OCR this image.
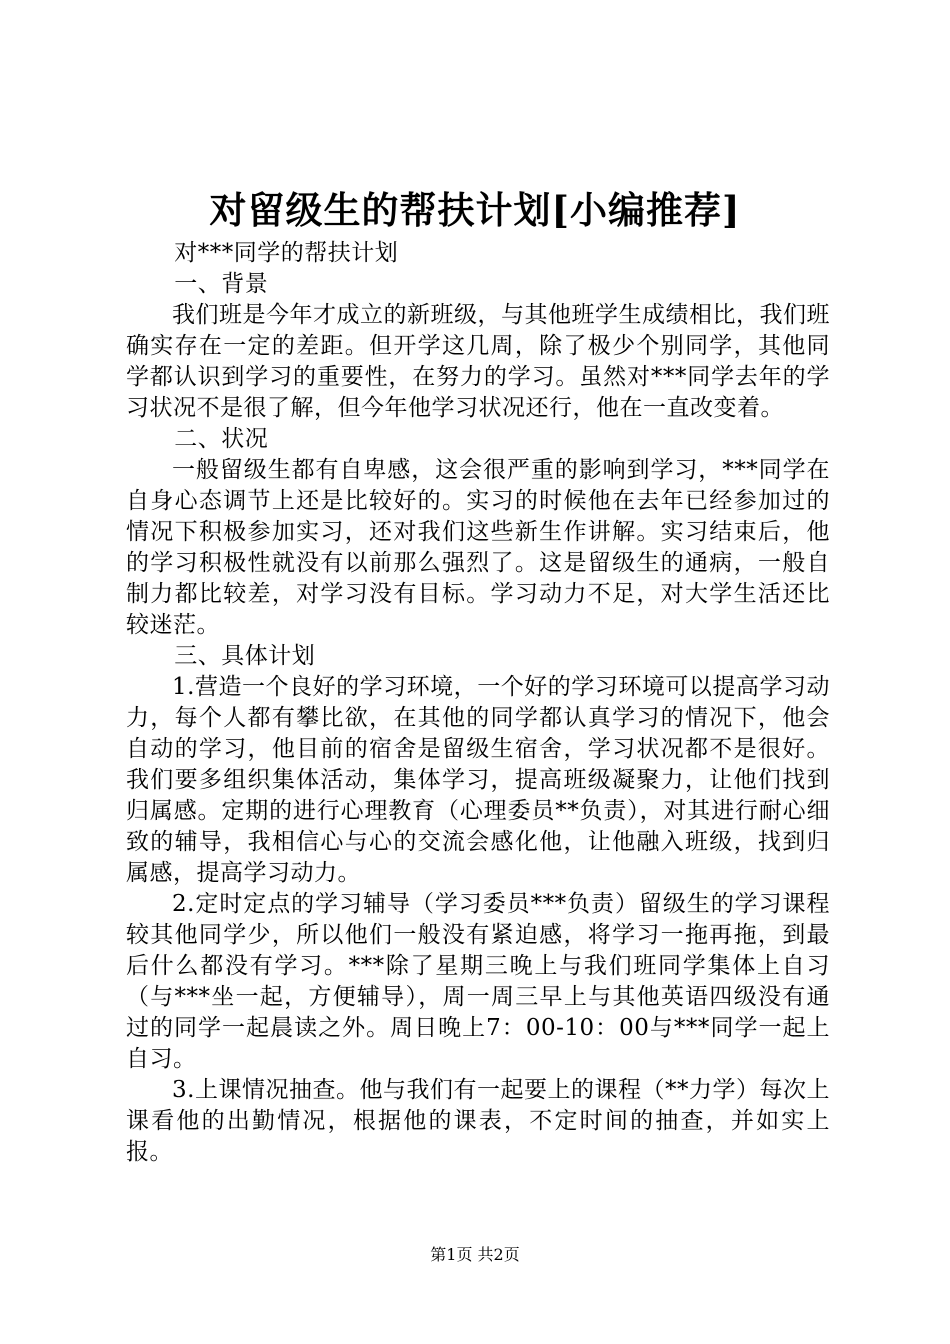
对留级生的帮扶计划[小编推荐]

对***同学的帮扶计划

一、背景

我们班是今年才成立的新班级，与其他班学生成绩相比，我们班确实存在一定的差距。但开学这几周，除了极少个别同学，其他同学都认识到学习的重要性，在努力的学习。虽然对***同学去年的学习状况不是很了解，但今年他学习状况还行，他在一直改变着。

二、状况

一般留级生都有自卑感，这会很严重的影响到学习，***同学在自身心态调节上还是比较好的。实习的时候他在去年已经参加过的情况下积极参加实习，还对我们这些新生作讲解。实习结束后，他的学习积极性就没有以前那么强烈了。这是留级生的通病，一般自制力都比较差，对学习没有目标。学习动力不足，对大学生活还比较迷茫。

三、具体计划

1.营造一个良好的学习环境，一个好的学习环境可以提高学习动力，每个人都有攀比欲，在其他的同学都认真学习的情况下，他会自动的学习，他目前的宿舍是留级生宿舍，学习状况都不是很好。我们要多组织集体活动，集体学习，提高班级凝聚力，让他们找到归属感。定期的进行心理教育（心理委员**负责），对其进行耐心细致的辅导，我相信心与心的交流会感化他，让他融入班级，找到归属感，提高学习动力。

2.定时定点的学习辅导（学习委员***负责）留级生的学习课程较其他同学少，所以他们一般没有紧迫感，将学习一拖再拖，到最后什么都没有学习。***除了星期三晚上与我们班同学集体上自习（与***坐一起，方便辅导），周一周三早上与其他英语四级没有通过的同学一起晨读之外。周日晚上7：00-10：00与***同学一起上自习。

3.上课情况抽查。他与我们有一起要上的课程（**力学）每次上课看他的出勤情况，根据他的课表，不定时间的抽查，并如实上报。

第1页 共2页
